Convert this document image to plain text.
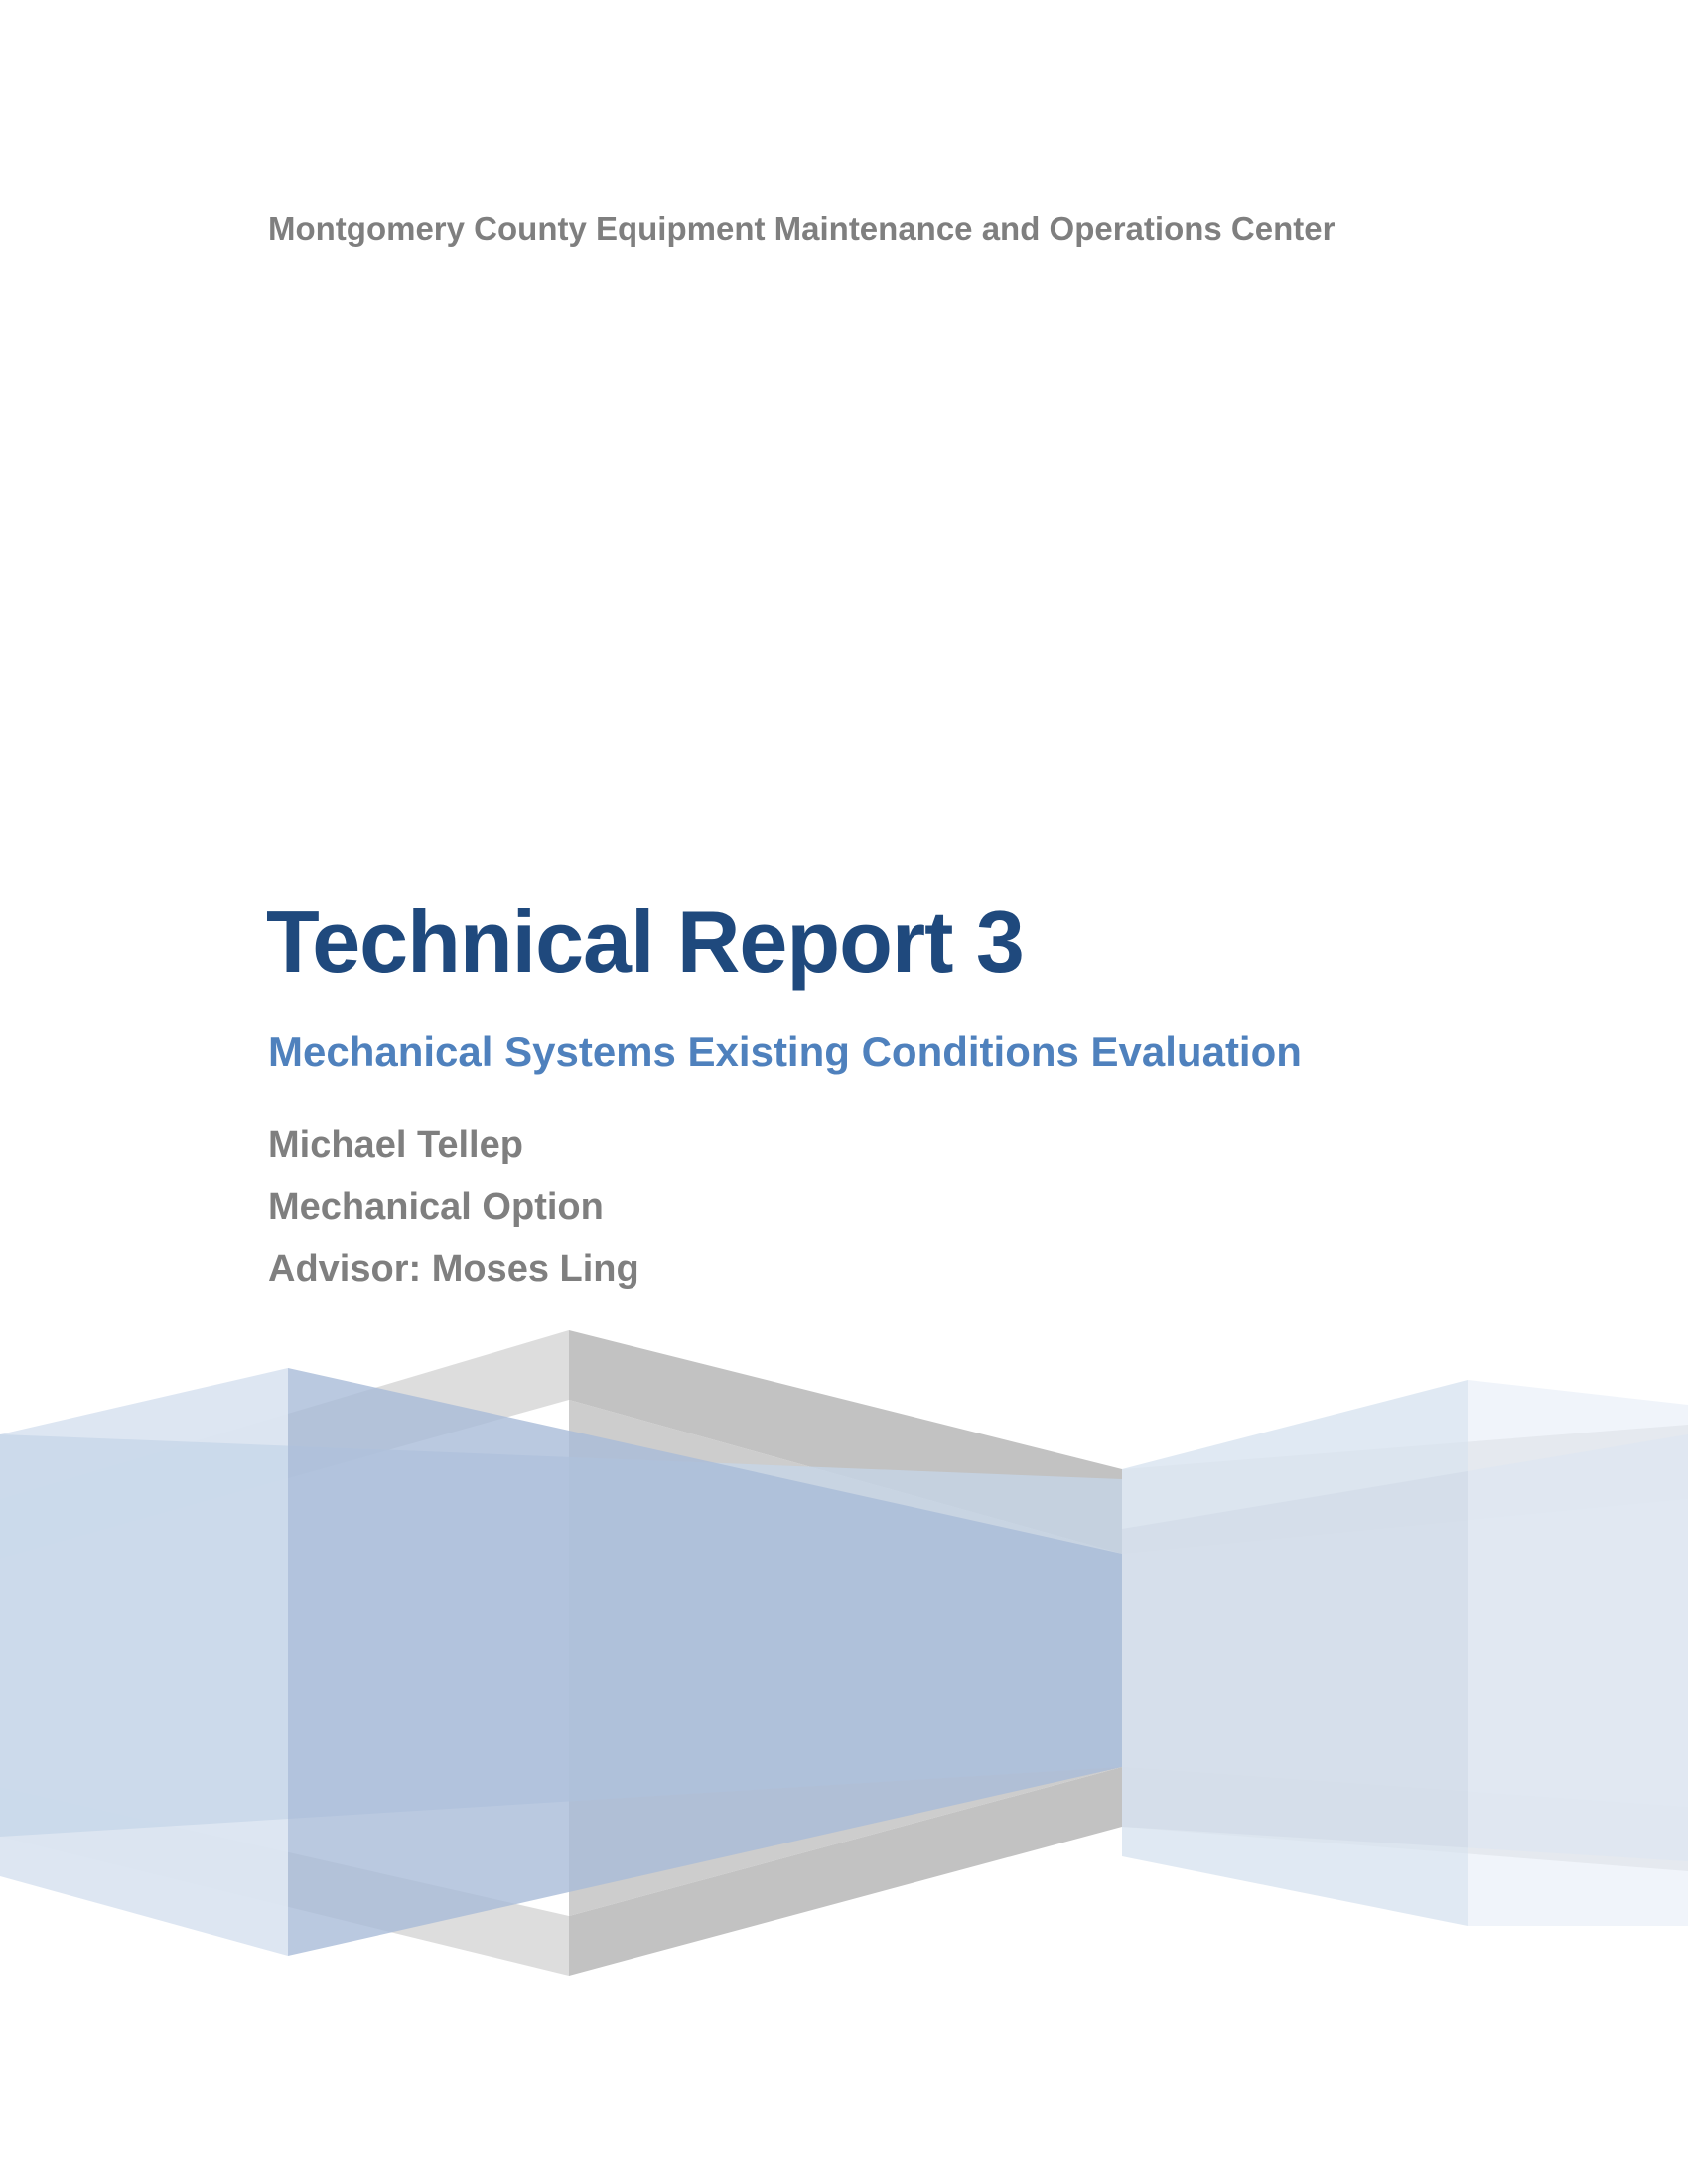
Montgomery County Equipment Maintenance and Operations Center
Technical Report 3
Mechanical Systems Existing Conditions Evaluation
Michael Tellep
Mechanical Option
Advisor: Moses Ling
